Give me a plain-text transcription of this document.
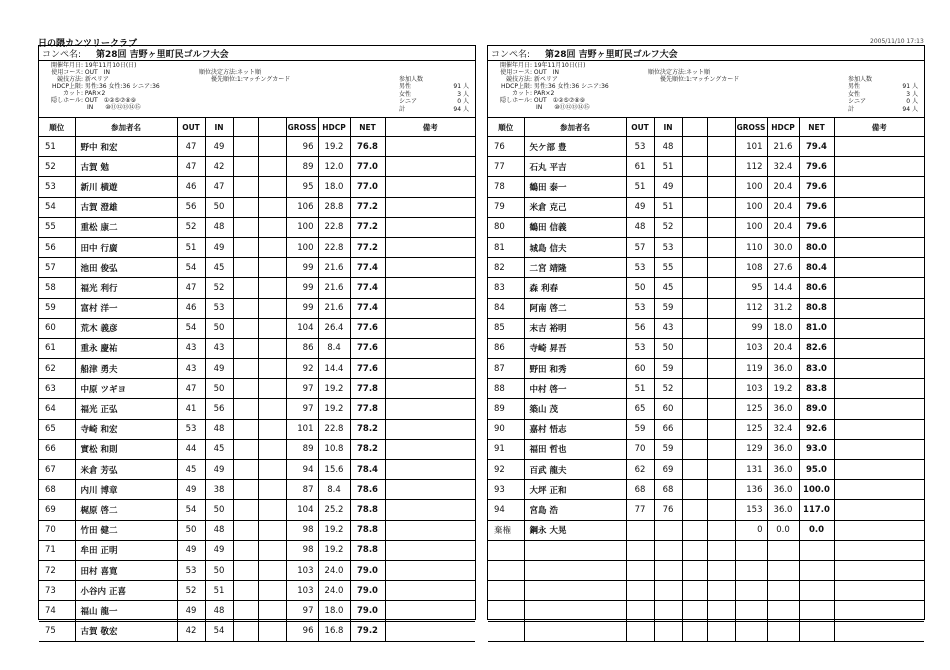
日の隈カンツリークラブ	2005/11/10 17:13
コンペ名:	第28回 吉野ヶ里町民ゴルフ大会
開催年月日: 19年11月10日(日)
使用コース: OUT　IN
競技方法: 新ペリア
HDCP上限: 男性:36 女性:36 シニア:36
カット: PAR×2
隠しホール: OUT　①②⑤⑦⑧⑨
IN　　⑩⑪⑫⑬⑭⑮
順位決定方法:ネット順
優先順位:1:マッチングカード	参加人数
男性	91 人
女性	3 人
シニア	0 人
計	94 人
順位	参加者名	OUT	IN			GROSS	HDCP	NET	備考
51	野中 和宏	47	49			96	19.2	76.8	
52	古賀 勉	47	42			89	12.0	77.0	
53	新川 横遊	46	47			95	18.0	77.0	
54	古賀 澄雄	56	50			106	28.8	77.2	
55	重松 康二	52	48			100	22.8	77.2	
56	田中 行廣	51	49			100	22.8	77.2	
57	池田 俊弘	54	45			99	21.6	77.4	
58	福光 利行	47	52			99	21.6	77.4	
59	富村 洋一	46	53			99	21.6	77.4	
60	荒木 義彦	54	50			104	26.4	77.6	
61	重永 慶祐	43	43			86	8.4	77.6	
62	船津 勇夫	43	49			92	14.4	77.6	
63	中原 ツギヨ	47	50			97	19.2	77.8	
64	福光 正弘	41	56			97	19.2	77.8	
65	寺崎 和宏	53	48			101	22.8	78.2	
66	實松 和則	44	45			89	10.8	78.2	
67	米倉 芳弘	45	49			94	15.6	78.4	
68	内川 博章	49	38			87	8.4	78.6	
69	梶原 啓二	54	50			104	25.2	78.8	
70	竹田 健二	50	48			98	19.2	78.8	
71	牟田 正明	49	49			98	19.2	78.8	
72	田村 喜寛	53	50			103	24.0	79.0	
73	小谷内 正喜	52	51			103	24.0	79.0	
74	福山 龍一	49	48			97	18.0	79.0	
75	古賀 敬宏	42	54			96	16.8	79.2	
コンペ名:	第28回 吉野ヶ里町民ゴルフ大会
開催年月日: 19年11月10日(日)
使用コース: OUT　IN
競技方法: 新ペリア
HDCP上限: 男性:36 女性:36 シニア:36
カット: PAR×2
隠しホール: OUT　①②⑤⑦⑧⑨
IN　　⑩⑪⑫⑬⑭⑮
順位決定方法:ネット順
優先順位:1:マッチングカード	参加人数
男性	91 人
女性	3 人
シニア	0 人
計	94 人
順位	参加者名	OUT	IN			GROSS	HDCP	NET	備考
76	矢ケ部 豊	53	48			101	21.6	79.4	
77	石丸 平吉	61	51			112	32.4	79.6	
78	鶴田 泰一	51	49			100	20.4	79.6	
79	米倉 克己	49	51			100	20.4	79.6	
80	鶴田 信義	48	52			100	20.4	79.6	
81	城島 信夫	57	53			110	30.0	80.0	
82	二宮 靖隆	53	55			108	27.6	80.4	
83	森 利春	50	45			95	14.4	80.6	
84	阿南 啓二	53	59			112	31.2	80.8	
85	末吉 裕明	56	43			99	18.0	81.0	
86	寺崎 昇吾	53	50			103	20.4	82.6	
87	野田 和秀	60	59			119	36.0	83.0	
88	中村 啓一	51	52			103	19.2	83.8	
89	築山 茂	65	60			125	36.0	89.0	
90	嘉村 悟志	59	66			125	32.4	92.6	
91	福田 哲也	70	59			129	36.0	93.0	
92	百武 龍夫	62	69			131	36.0	95.0	
93	大坪 正和	68	68			136	36.0	100.0	
94	宮島 浩	77	76			153	36.0	117.0	
棄権	鋼永 大晃					0	0.0	0.0	
